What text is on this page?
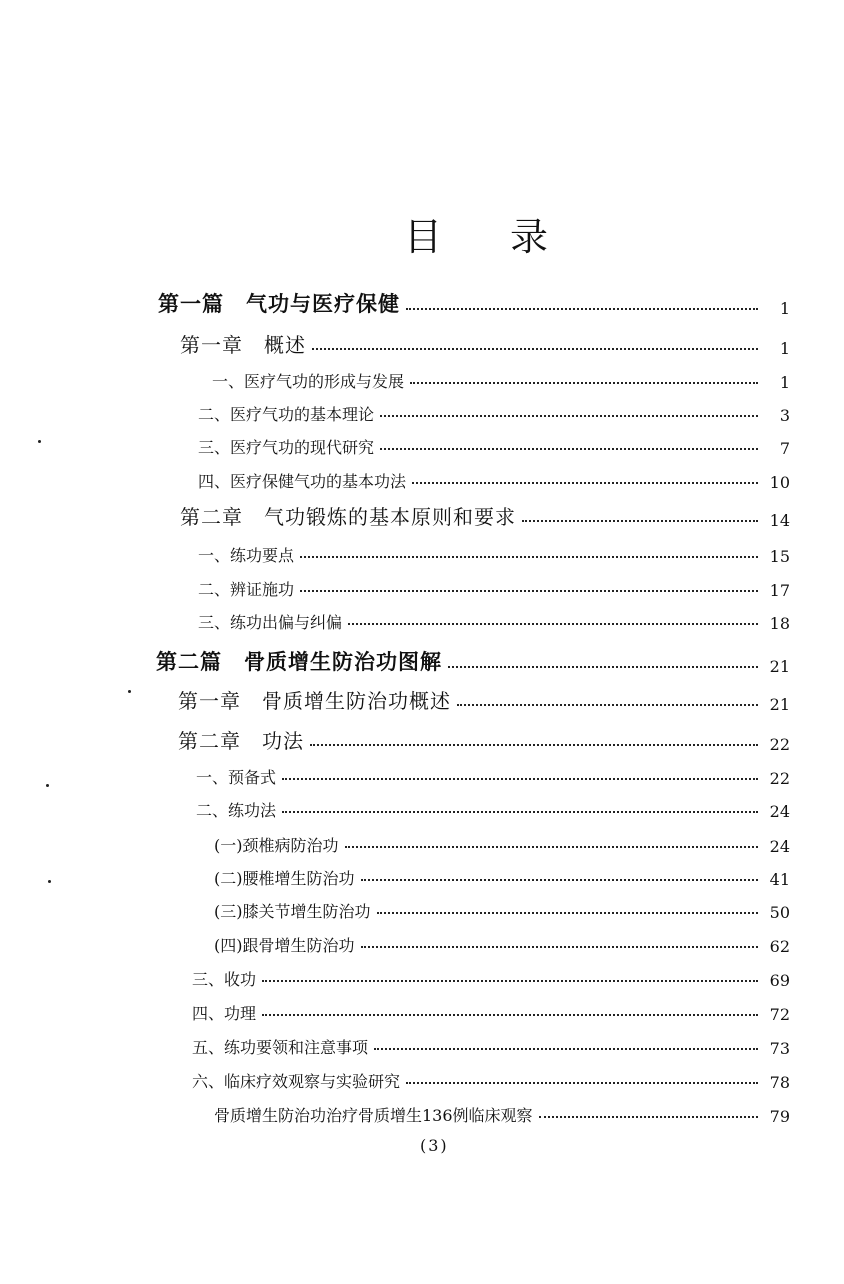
目 录
第一篇　气功与医疗保健	1
第一章　概述	1
一、医疗气功的形成与发展	1
二、医疗气功的基本理论	3
三、医疗气功的现代研究	7
四、医疗保健气功的基本功法	10
第二章　气功锻炼的基本原则和要求	14
一、练功要点	15
二、辨证施功	17
三、练功出偏与纠偏	18
第二篇　骨质增生防治功图解	21
第一章　骨质增生防治功概述	21
第二章　功法	22
一、预备式	22
二、练功法	24
(一)颈椎病防治功	24
(二)腰椎增生防治功	41
(三)膝关节增生防治功	50
(四)跟骨增生防治功	62
三、收功	69
四、功理	72
五、练功要领和注意事项	73
六、临床疗效观察与实验研究	78
骨质增生防治功治疗骨质增生136例临床观察	79
(3)
